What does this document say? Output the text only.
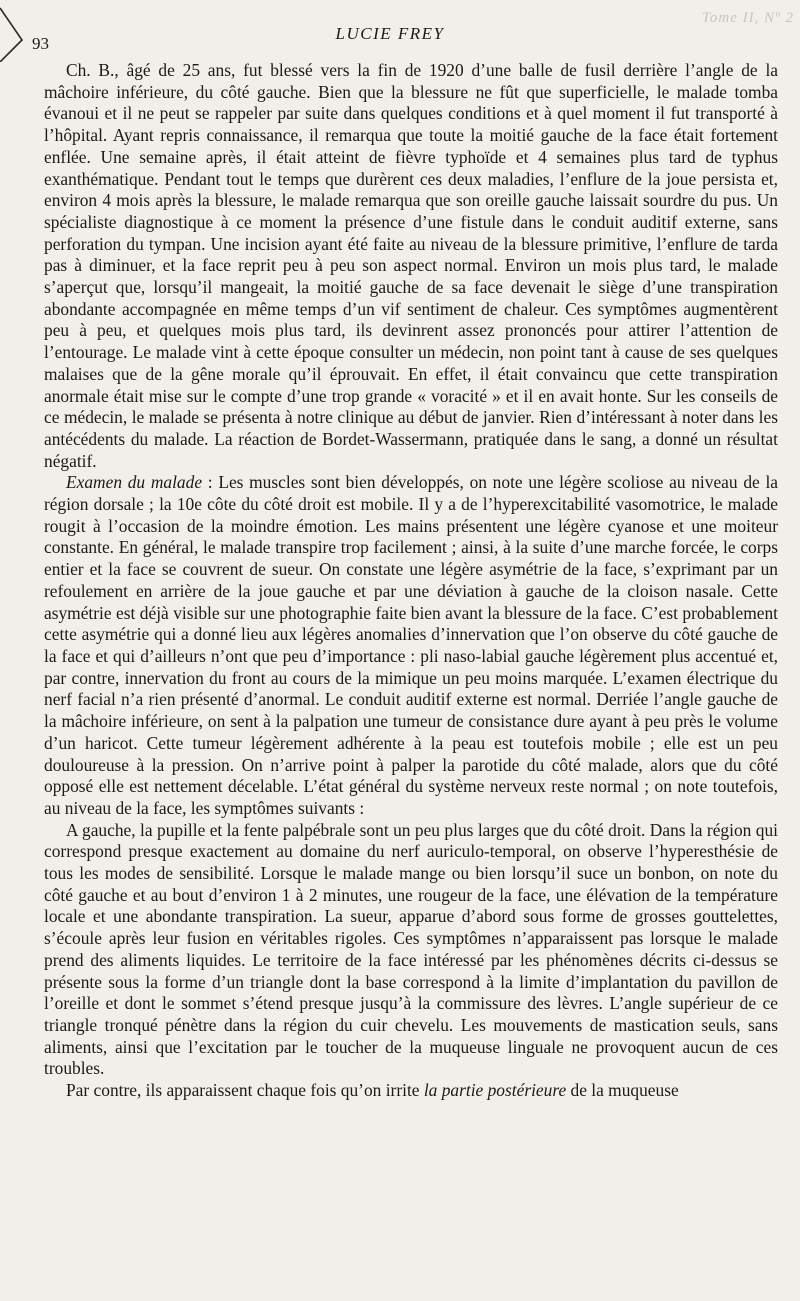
Tome II, Nº 2
93
LUCIE FREY

Ch. B., âgé de 25 ans, fut blessé vers la fin de 1920 d’une balle de fusil derrière l’angle de la mâchoire inférieure, du côté gauche. Bien que la blessure ne fût que superficielle, le malade tomba évanoui et il ne peut se rappeler par suite dans quelques conditions et à quel moment il fut transporté à l’hôpital. Ayant repris connaissance, il remarqua que toute la moitié gauche de la face était fortement enflée. Une semaine après, il était atteint de fièvre typhoïde et 4 semaines plus tard de typhus exanthématique. Pendant tout le temps que durèrent ces deux maladies, l’enflure de la joue persista et, environ 4 mois après la blessure, le malade remarqua que son oreille gauche laissait sourdre du pus. Un spécialiste diagnostique à ce moment la présence d’une fistule dans le conduit auditif externe, sans perforation du tympan. Une incision ayant été faite au niveau de la blessure primitive, l’enflure de tarda pas à diminuer, et la face reprit peu à peu son aspect normal. Environ un mois plus tard, le malade s’aperçut que, lorsqu’il mangeait, la moitié gauche de sa face devenait le siège d’une transpiration abondante accompagnée en même temps d’un vif sentiment de chaleur. Ces symptômes augmentèrent peu à peu, et quelques mois plus tard, ils devinrent assez prononcés pour attirer l’attention de l’entourage. Le malade vint à cette époque consulter un médecin, non point tant à cause de ses quelques malaises que de la gêne morale qu’il éprouvait. En effet, il était convaincu que cette transpiration anormale était mise sur le compte d’une trop grande « voracité » et il en avait honte. Sur les conseils de ce médecin, le malade se présenta à notre clinique au début de janvier. Rien d’intéressant à noter dans les antécédents du malade. La réaction de Bordet-Wassermann, pratiquée dans le sang, a donné un résultat négatif.

Examen du malade : Les muscles sont bien développés, on note une légère scoliose au niveau de la région dorsale ; la 10e côte du côté droit est mobile. Il y a de l’hyperexcitabilité vasomotrice, le malade rougit à l’occasion de la moindre émotion. Les mains présentent une légère cyanose et une moiteur constante. En général, le malade transpire trop facilement ; ainsi, à la suite d’une marche forcée, le corps entier et la face se couvrent de sueur. On constate une légère asymétrie de la face, s’exprimant par un refoulement en arrière de la joue gauche et par une déviation à gauche de la cloison nasale. Cette asymétrie est déjà visible sur une photographie faite bien avant la blessure de la face. C’est probablement cette asymétrie qui a donné lieu aux légères anomalies d’innervation que l’on observe du côté gauche de la face et qui d’ailleurs n’ont que peu d’importance : pli naso-labial gauche légèrement plus accentué et, par contre, innervation du front au cours de la mimique un peu moins marquée. L’examen électrique du nerf facial n’a rien présenté d’anormal. Le conduit auditif externe est normal. Derriée l’angle gauche de la mâchoire inférieure, on sent à la palpation une tumeur de consistance dure ayant à peu près le volume d’un haricot. Cette tumeur légèrement adhérente à la peau est toutefois mobile ; elle est un peu douloureuse à la pression. On n’arrive point à palper la parotide du côté malade, alors que du côté opposé elle est nettement décelable. L’état général du système nerveux reste normal ; on note toutefois, au niveau de la face, les symptômes suivants :

A gauche, la pupille et la fente palpébrale sont un peu plus larges que du côté droit. Dans la région qui correspond presque exactement au domaine du nerf auriculo-temporal, on observe l’hyperesthésie de tous les modes de sensibilité. Lorsque le malade mange ou bien lorsqu’il suce un bonbon, on note du côté gauche et au bout d’environ 1 à 2 minutes, une rougeur de la face, une élévation de la température locale et une abondante transpiration. La sueur, apparue d’abord sous forme de grosses gouttelettes, s’écoule après leur fusion en véritables rigoles. Ces symptômes n’apparaissent pas lorsque le malade prend des aliments liquides. Le territoire de la face intéressé par les phénomènes décrits ci-dessus se présente sous la forme d’un triangle dont la base correspond à la limite d’implantation du pavillon de l’oreille et dont le sommet s’étend presque jusqu’à la commissure des lèvres. L’angle supérieur de ce triangle tronqué pénètre dans la région du cuir chevelu. Les mouvements de mastication seuls, sans aliments, ainsi que l’excitation par le toucher de la muqueuse linguale ne provoquent aucun de ces troubles.

Par contre, ils apparaissent chaque fois qu’on irrite la partie postérieure de la muqueuse
